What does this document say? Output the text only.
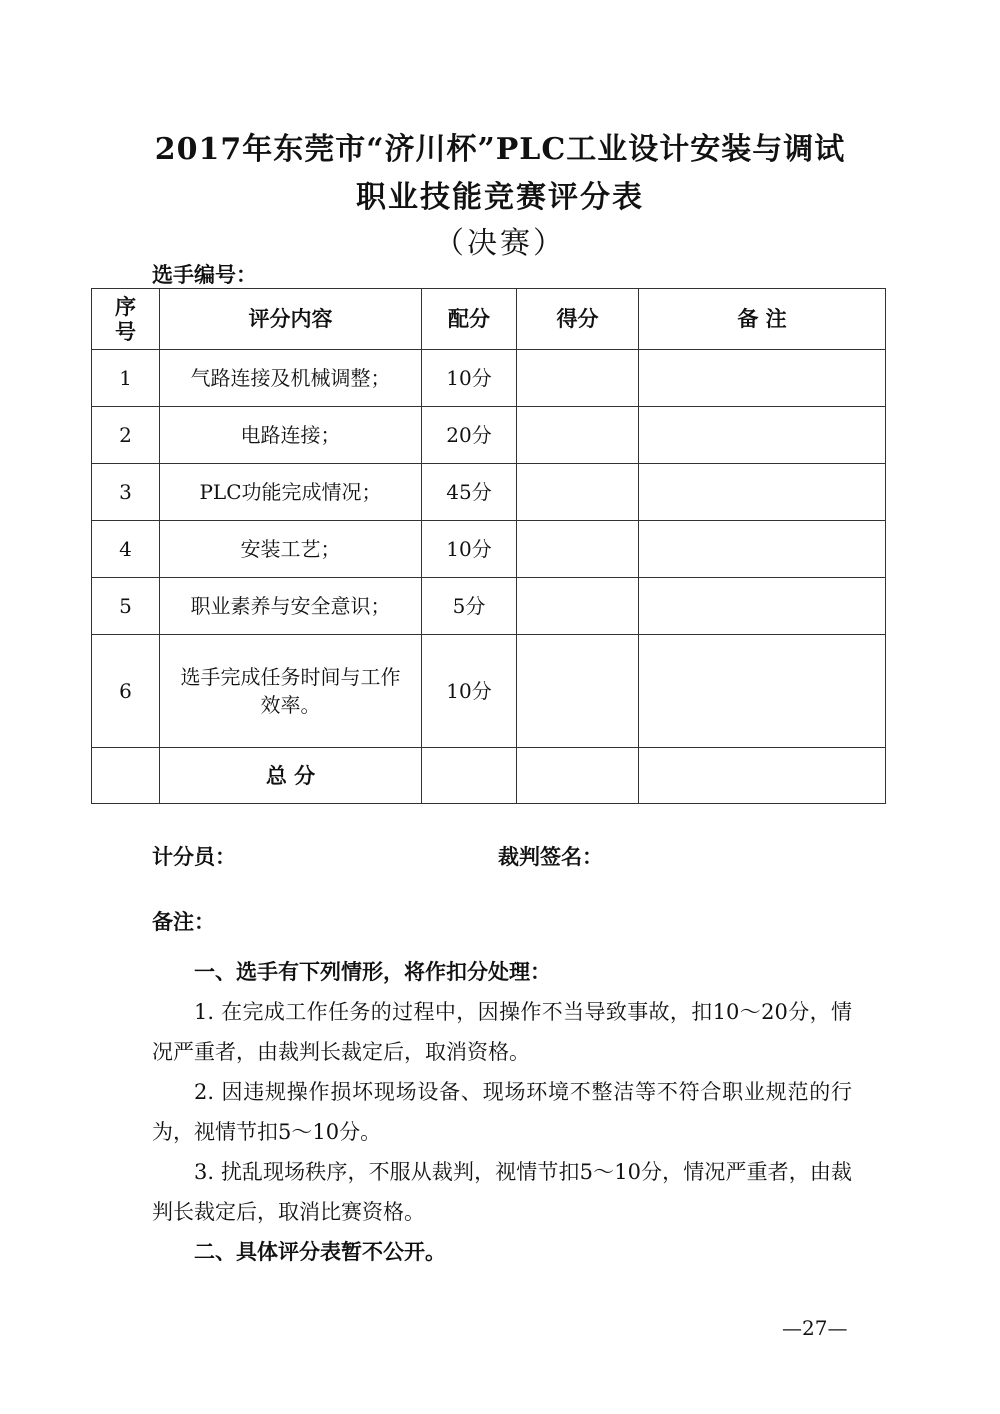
2017年东莞市“济川杯”PLC工业设计安装与调试
职业技能竞赛评分表
（决赛）
选手编号：
序
号	评分内容	配分	得分	备 注
1	气路连接及机械调整；	10分		
2	电路连接；	20分		
3	PLC功能完成情况；	45分		
4	安装工艺；	10分		
5	职业素养与安全意识；	5分		
6	选手完成任务时间与工作效率。	10分		
	总 分			
计分员：	裁判签名：
备注：

一、选手有下列情形，将作扣分处理：

1. 在完成工作任务的过程中，因操作不当导致事故，扣10～20分，情况严重者，由裁判长裁定后，取消资格。

2. 因违规操作损坏现场设备、现场环境不整洁等不符合职业规范的行为，视情节扣5～10分。

3. 扰乱现场秩序，不服从裁判，视情节扣5～10分，情况严重者，由裁判长裁定后，取消比赛资格。

二、具体评分表暂不公开。

—27—
